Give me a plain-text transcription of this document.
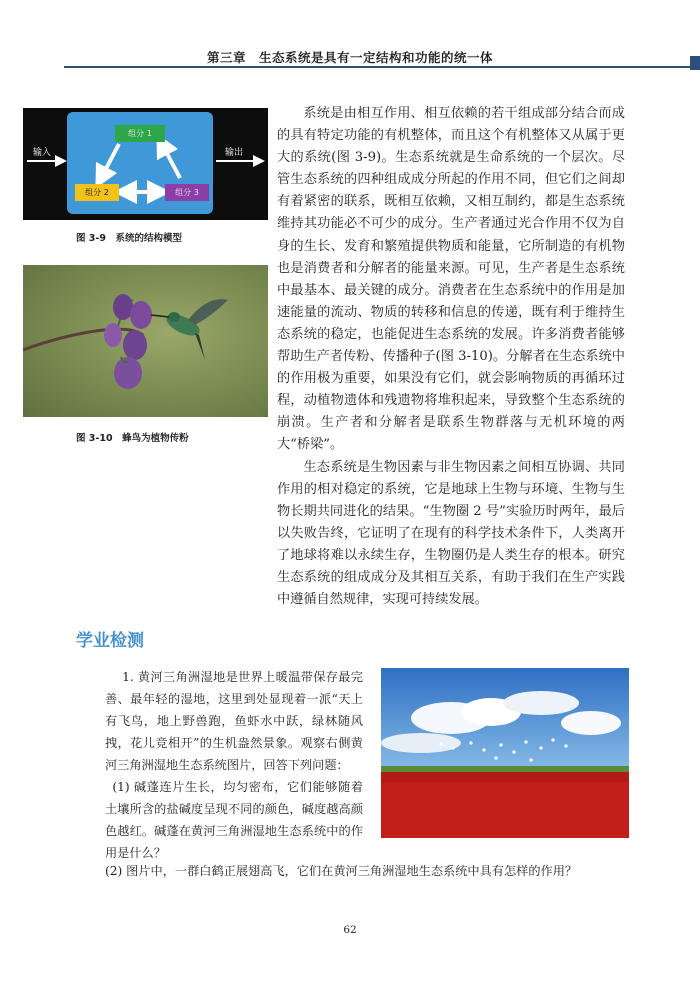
第三章　生态系统是具有一定结构和功能的统一体
输入	输出
组分 1
组分 2	组分 3
图 3-9　系统的结构模型
图 3-10　蜂鸟为植物传粉

系统是由相互作用、相互依赖的若干组成部分结合而成的具有特定功能的有机整体，而且这个有机整体又从属于更大的系统(图 3-9)。生态系统就是生命系统的一个层次。尽管生态系统的四种组成成分所起的作用不同，但它们之间却有着紧密的联系，既相互依赖，又相互制约，都是生态系统维持其功能必不可少的成分。生产者通过光合作用不仅为自身的生长、发育和繁殖提供物质和能量，它所制造的有机物也是消费者和分解者的能量来源。可见，生产者是生态系统中最基本、最关键的成分。消费者在生态系统中的作用是加速能量的流动、物质的转移和信息的传递，既有利于维持生态系统的稳定，也能促进生态系统的发展。许多消费者能够帮助生产者传粉、传播种子(图 3-10)。分解者在生态系统中的作用极为重要，如果没有它们，就会影响物质的再循环过程，动植物遗体和残遗物将堆积起来，导致整个生态系统的崩溃。生产者和分解者是联系生物群落与无机环境的两大“桥梁”。

生态系统是生物因素与非生物因素之间相互协调、共同作用的相对稳定的系统，它是地球上生物与环境、生物与生物长期共同进化的结果。“生物圈 2 号”实验历时两年，最后以失败告终，它证明了在现有的科学技术条件下，人类离开了地球将难以永续生存，生物圈仍是人类生存的根本。研究生态系统的组成成分及其相互关系，有助于我们在生产实践中遵循自然规律，实现可持续发展。

学业检测

1. 黄河三角洲湿地是世界上暖温带保存最完善、最年轻的湿地，这里到处显现着一派“天上有飞鸟，地上野兽跑，鱼虾水中跃，绿林随风拽，花儿竞相开”的生机盎然景象。观察右侧黄河三角洲湿地生态系统图片，回答下列问题：

(1) 碱蓬连片生长，均匀密布，它们能够随着土壤所含的盐碱度呈现不同的颜色，碱度越高颜色越红。碱蓬在黄河三角洲湿地生态系统中的作用是什么？

(2) 图片中，一群白鹤正展翅高飞，它们在黄河三角洲湿地生态系统中具有怎样的作用？
62
